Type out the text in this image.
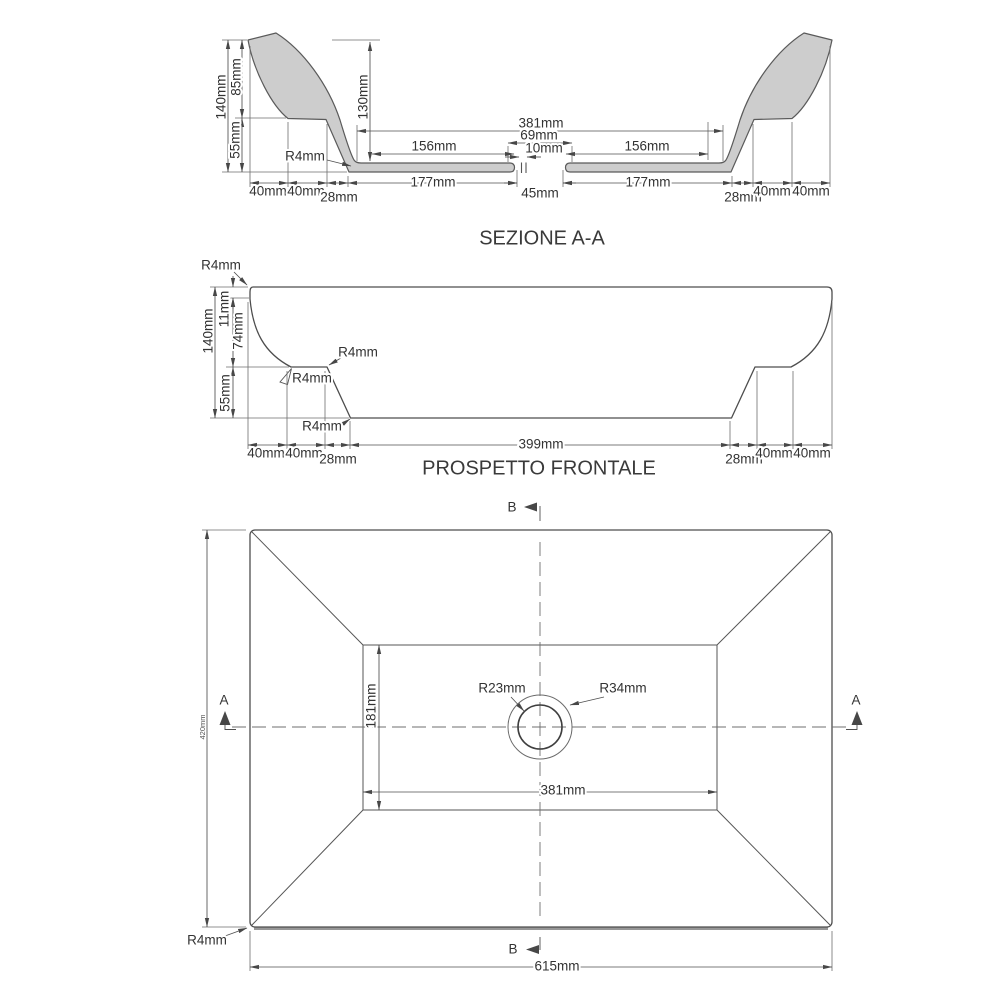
140mm 85mm
55mm
130mm
R4mm
381mm
69mm
10mm
156mm	156mm
177mm	177mm
45mm
40mm 40mm
28mm	28mm
40mm 40mm
SEZIONE A-A
R4mm
11mm
74mm
140mm
55mm
R4mm
R4mm
R4mm
399mm
40mm 40mm
28mm	28mm
40mm 40mm
PROSPETTO FRONTALE
B
B
A	A
R23mm	R34mm
181mm
381mm
615mm
420mm
R4mm
